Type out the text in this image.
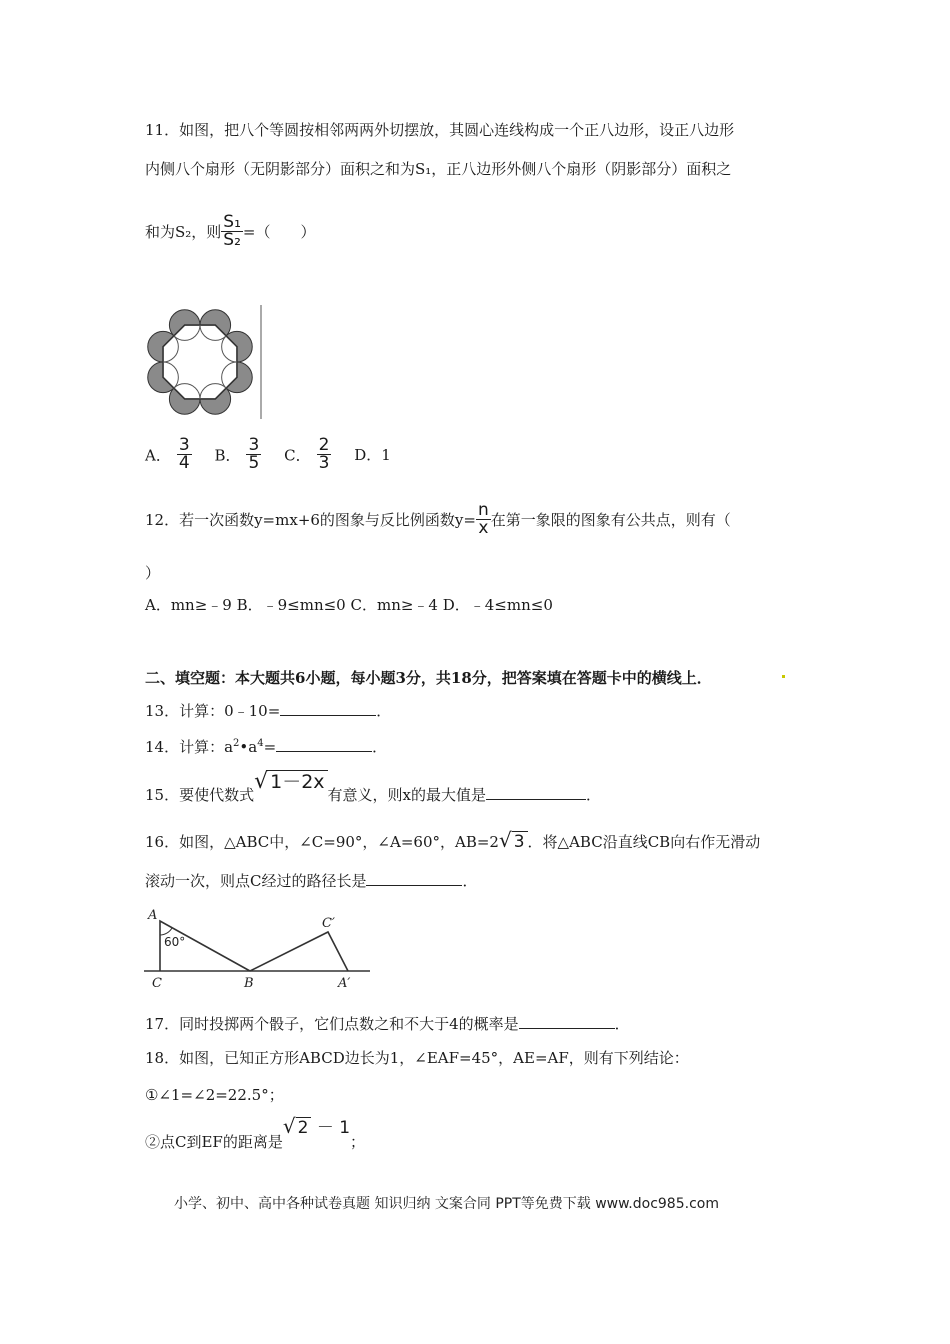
11．如图，把八个等圆按相邻两两外切摆放，其圆心连线构成一个正八边形，设正八边形
内侧八个扇形（无阴影部分）面积之和为S₁，正八边形外侧八个扇形（阴影部分）面积之
和为S₂，则 $\frac{\text{S₁}}{\text{S₂}}$ =（　　）
A． $\frac{3}{4}$ B． $\frac{3}{5}$ C． $\frac{2}{3}$ D．1
12．若一次函数y=mx+6的图象与反比例函数$y= \frac{n}{x}$ 在第一象限的图象有公共点，则有（
）
A．mn≥﹣9 B．﹣9≤mn≤0 C．mn≥﹣4 D．﹣4≤mn≤0
二、填空题：本大题共6小题，每小题3分，共18分，把答案填在答题卡中的横线上．
13．计算：0﹣10=	．
14．计算：$a^2•a^4=$	．
15．要使代数式√ 1－2x有意义，则x的最大值是	．
16．如图，△ABC中，∠C=90°，∠A=60°，AB=2√ 3 ．将△ABC沿直线CB向右作无滑动
滚动一次，则点C经过的路径长是	．
A
60°
C	B
C′
A′
17．同时投掷两个骰子，它们点数之和不大于4的概率是	．
18．如图，已知正方形ABCD边长为1，∠EAF=45°，AE=AF，则有下列结论：
①∠1=∠2=22.5°；
②点C到EF的距离是√ 2 － 1；
小学、初中、高中各种试卷真题 知识归纳 文案合同 PPT等免费下载 www.doc985.com
